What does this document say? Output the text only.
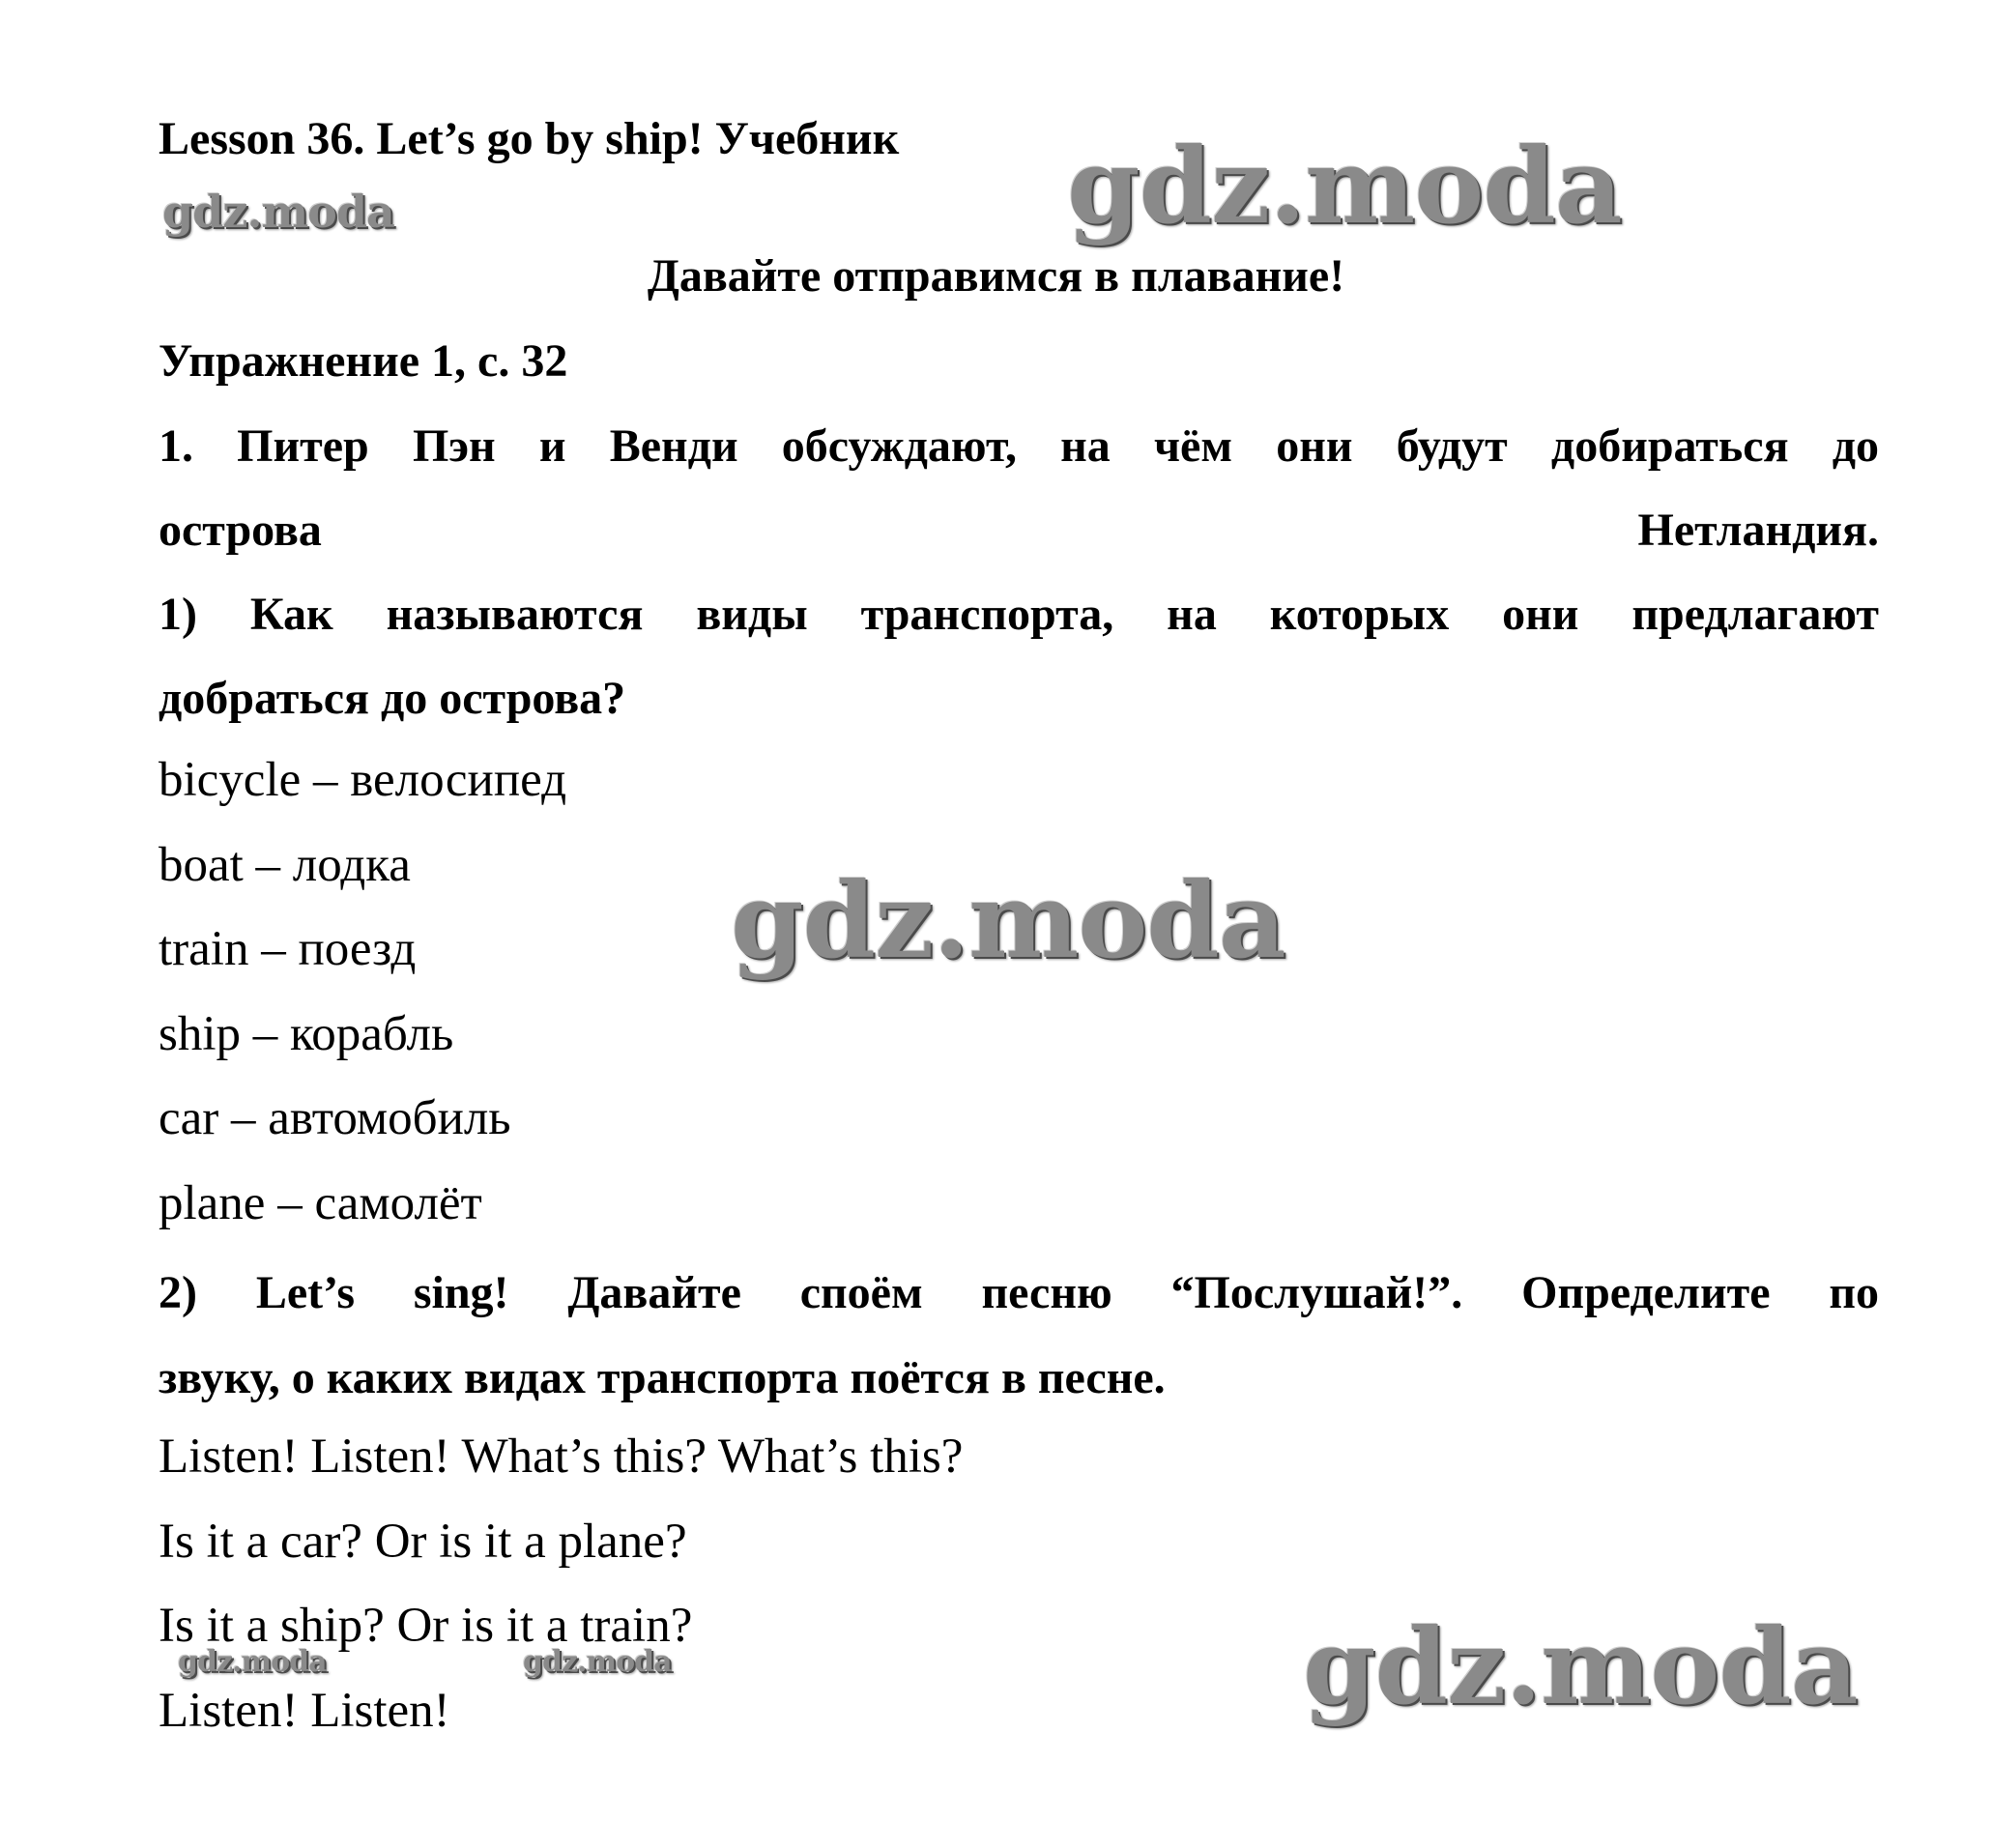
Lesson 36. Let’s go by ship! Учебник
Давайте отправимся в плавание!
Упражнение 1, с. 32
1. Питер Пэн и Венди обсуждают, на чём они будут добираться до
острова	Нетландия.
1) Как называются виды транспорта, на которых они предлагают
добраться до острова?
bicycle – велосипед
boat – лодка
train – поезд
ship – корабль
car – автомобиль
plane – самолёт
2) Let’s sing! Давайте споём песню “Послушай!”. Определите по
звуку, о каких видах транспорта поётся в песне.
Listen! Listen! What’s this? What’s this?
Is it a car? Or is it a plane?
Is it a ship? Or is it a train?
Listen! Listen!
gdz.moda
gdz.moda
gdz.moda
gdz.moda
gdz.moda	gdz.moda
